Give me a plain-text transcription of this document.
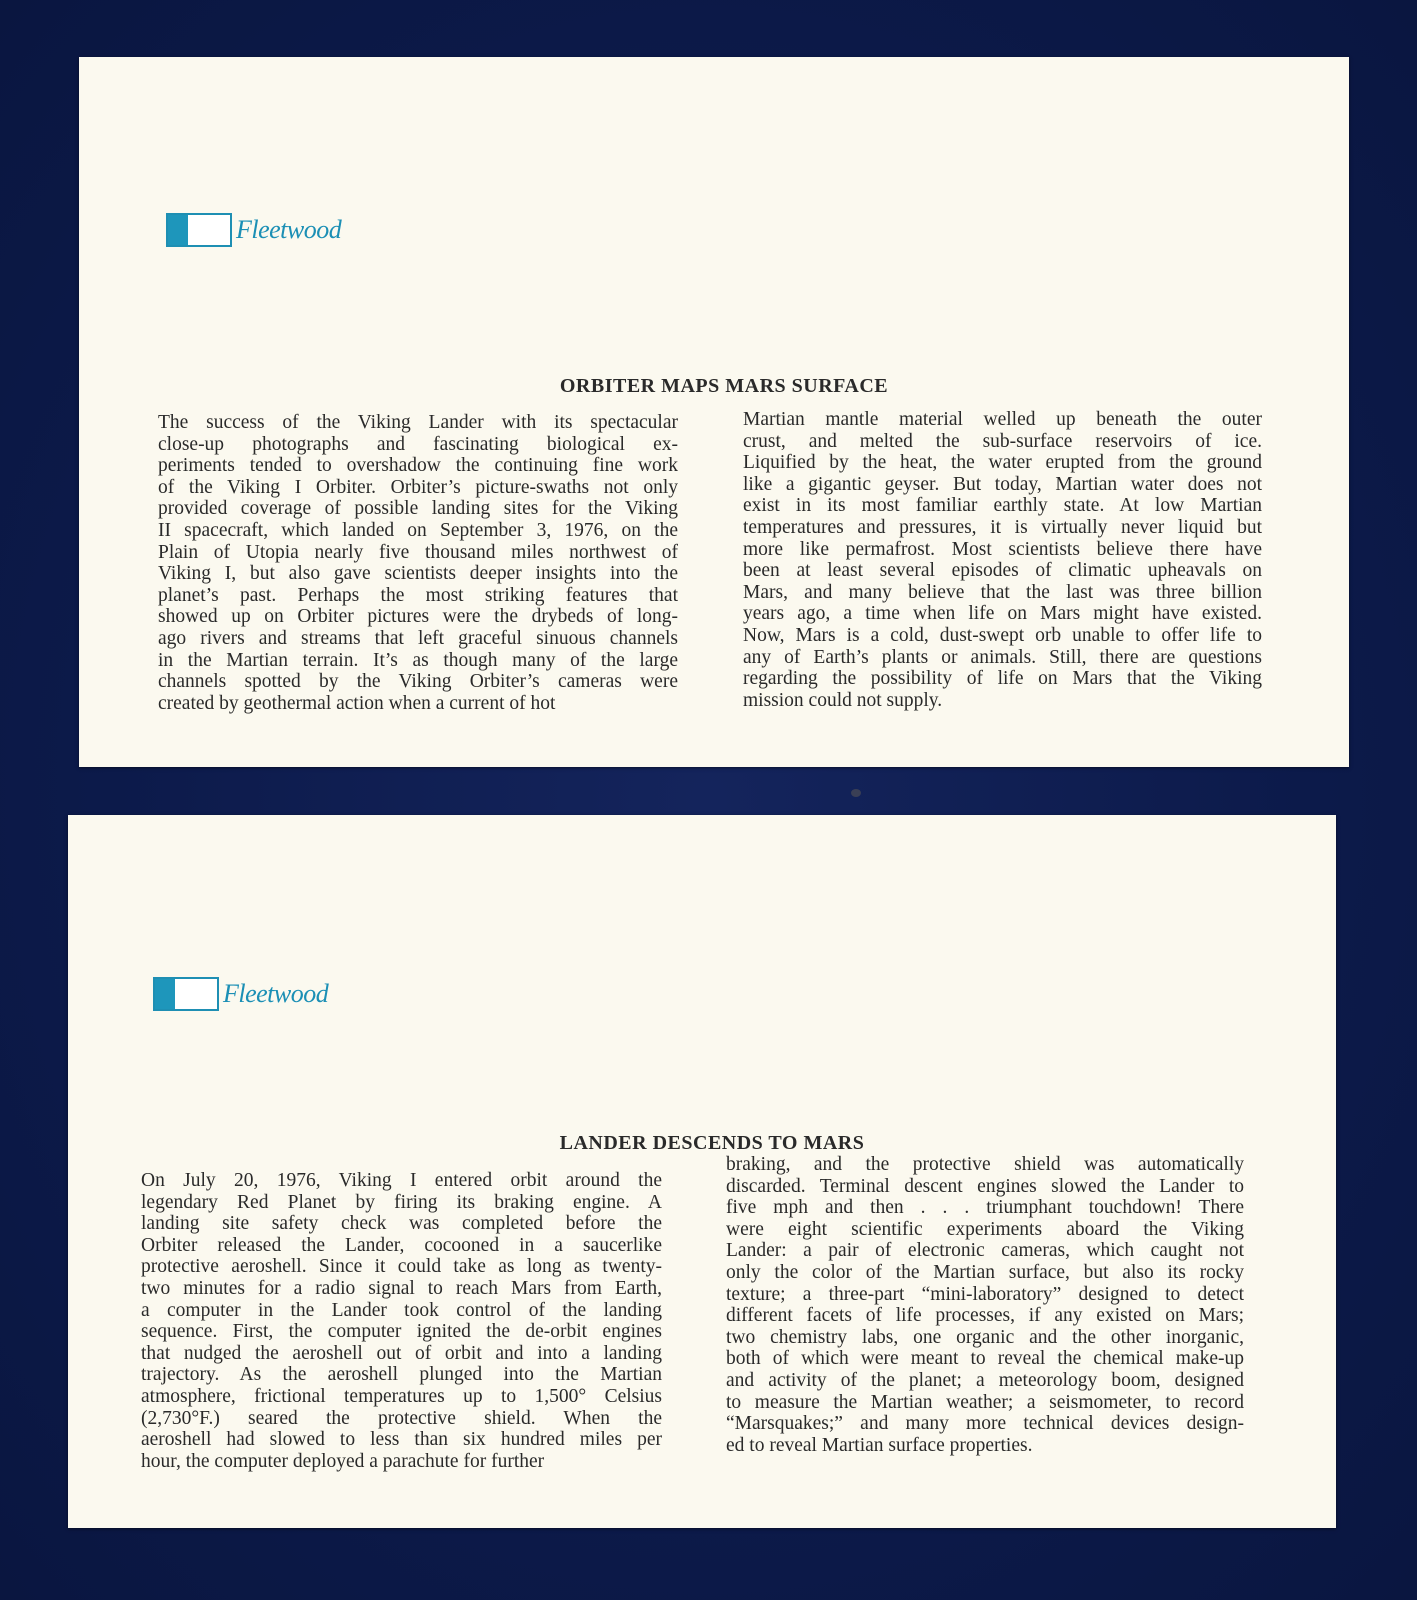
Fleetwood
ORBITER MAPS MARS SURFACE
The success of the Viking Lander with its spectacular
close-up photographs and fascinating biological ex-
periments tended to overshadow the continuing fine work
of the Viking I Orbiter. Orbiter’s picture-swaths not only
provided coverage of possible landing sites for the Viking
II spacecraft, which landed on September 3, 1976, on the
Plain of Utopia nearly five thousand miles northwest of
Viking I, but also gave scientists deeper insights into the
planet’s past. Perhaps the most striking features that
showed up on Orbiter pictures were the drybeds of long-
ago rivers and streams that left graceful sinuous channels
in the Martian terrain. It’s as though many of the large
channels spotted by the Viking Orbiter’s cameras were
created by geothermal action when a current of hot
Martian mantle material welled up beneath the outer
crust, and melted the sub-surface reservoirs of ice.
Liquified by the heat, the water erupted from the ground
like a gigantic geyser. But today, Martian water does not
exist in its most familiar earthly state. At low Martian
temperatures and pressures, it is virtually never liquid but
more like permafrost. Most scientists believe there have
been at least several episodes of climatic upheavals on
Mars, and many believe that the last was three billion
years ago, a time when life on Mars might have existed.
Now, Mars is a cold, dust-swept orb unable to offer life to
any of Earth’s plants or animals. Still, there are questions
regarding the possibility of life on Mars that the Viking
mission could not supply.
Fleetwood
LANDER DESCENDS TO MARS
On July 20, 1976, Viking I entered orbit around the
legendary Red Planet by firing its braking engine. A
landing site safety check was completed before the
Orbiter released the Lander, cocooned in a saucerlike
protective aeroshell. Since it could take as long as twenty-
two minutes for a radio signal to reach Mars from Earth,
a computer in the Lander took control of the landing
sequence. First, the computer ignited the de-orbit engines
that nudged the aeroshell out of orbit and into a landing
trajectory. As the aeroshell plunged into the Martian
atmosphere, frictional temperatures up to 1,500° Celsius
(2,730°F.) seared the protective shield. When the
aeroshell had slowed to less than six hundred miles per
hour, the computer deployed a parachute for further
braking, and the protective shield was automatically
discarded. Terminal descent engines slowed the Lander to
five mph and then . . . triumphant touchdown! There
were eight scientific experiments aboard the Viking
Lander: a pair of electronic cameras, which caught not
only the color of the Martian surface, but also its rocky
texture; a three-part “mini-laboratory” designed to detect
different facets of life processes, if any existed on Mars;
two chemistry labs, one organic and the other inorganic,
both of which were meant to reveal the chemical make-up
and activity of the planet; a meteorology boom, designed
to measure the Martian weather; a seismometer, to record
“Marsquakes;” and many more technical devices design-
ed to reveal Martian surface properties.
